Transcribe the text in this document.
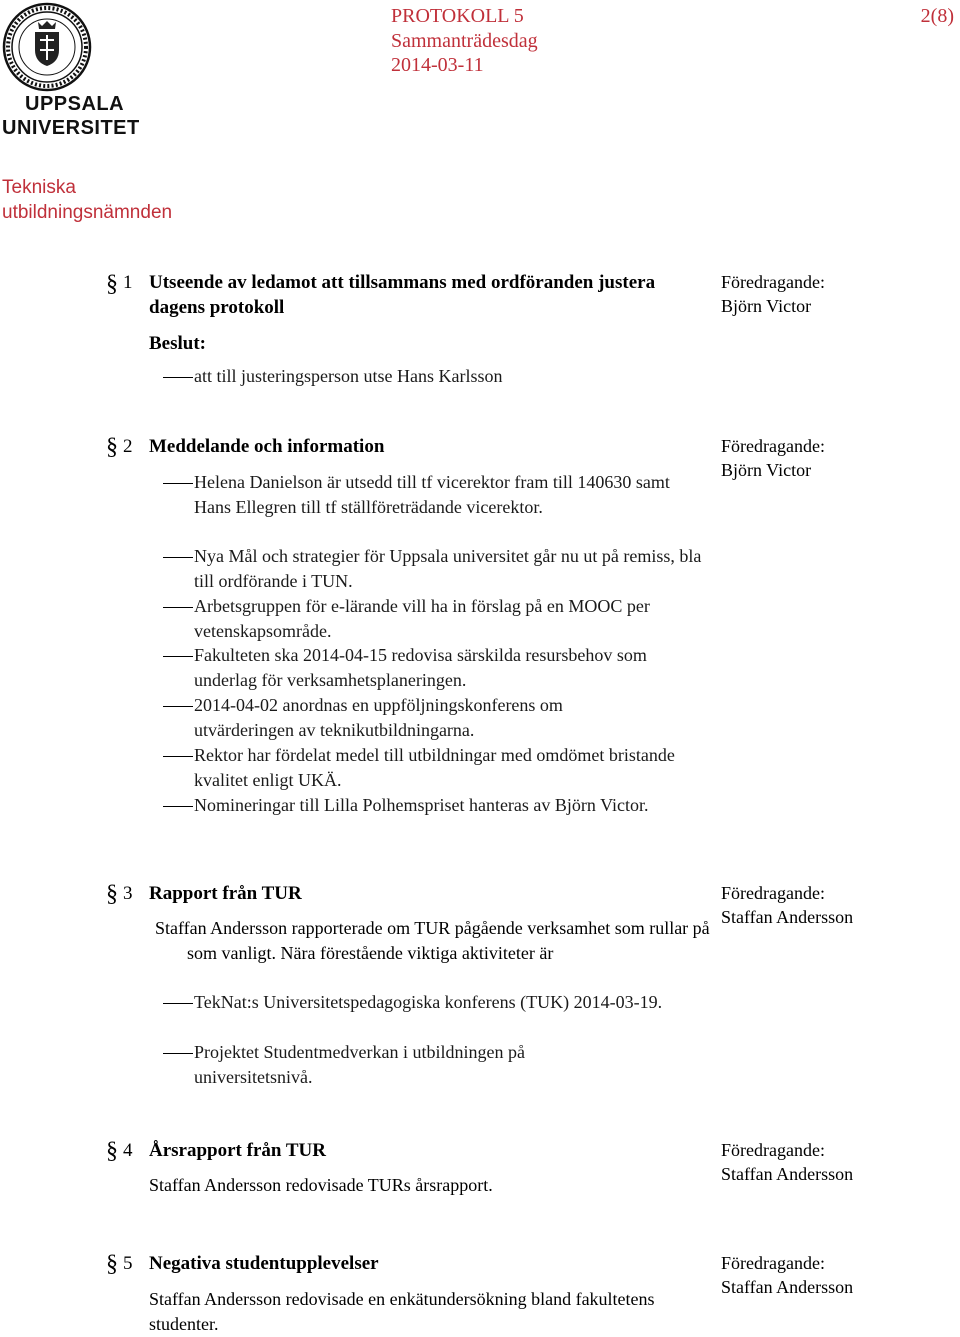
UPPSALA
UNIVERSITET
PROTOKOLL 5
Sammanträdesdag
2014-03-11
2(8)
Tekniska utbildningsnämnden
§ 1 Utseende av ledamot att tillsammans med ordföranden justera dagens protokoll
Föredragande:
Björn Victor
Beslut:
att till justeringsperson utse Hans Karlsson
§ 2 Meddelande och information	Föredragande:
Björn Victor
Helena Danielson är utsedd till tf vicerektor fram till 140630 samt Hans Ellegren till tf ställföreträdande vicerektor.
Nya Mål och strategier för Uppsala universitet går nu ut på remiss, bla till ordförande i TUN.
Arbetsgruppen för e-lärande vill ha in förslag på en MOOC per vetenskapsområde.
Fakulteten ska 2014-04-15 redovisa särskilda resursbehov som underlag för verksamhetsplaneringen.
2014-04-02 anordnas en uppföljningskonferens om utvärderingen av teknikutbildningarna.
Rektor har fördelat medel till utbildningar med omdömet bristande kvalitet enligt UKÄ.
Nomineringar till Lilla Polhemspriset hanteras av Björn Victor.
§ 3 Rapport från TUR	Föredragande:
Staffan Andersson
Staffan Andersson rapporterade om TUR pågående verksamhet som rullar på som vanligt. Nära förestående viktiga aktiviteter är
TekNat:s Universitetspedagogiska konferens (TUK) 2014-03-19.
Projektet Studentmedverkan i utbildningen på universitetsnivå.
§ 4 Årsrapport från TUR	Föredragande:
Staffan Andersson
Staffan Andersson redovisade TURs årsrapport.
§ 5 Negativa studentupplevelser	Föredragande:
Staffan Andersson
Staffan Andersson redovisade en enkätundersökning bland fakultetens studenter.
